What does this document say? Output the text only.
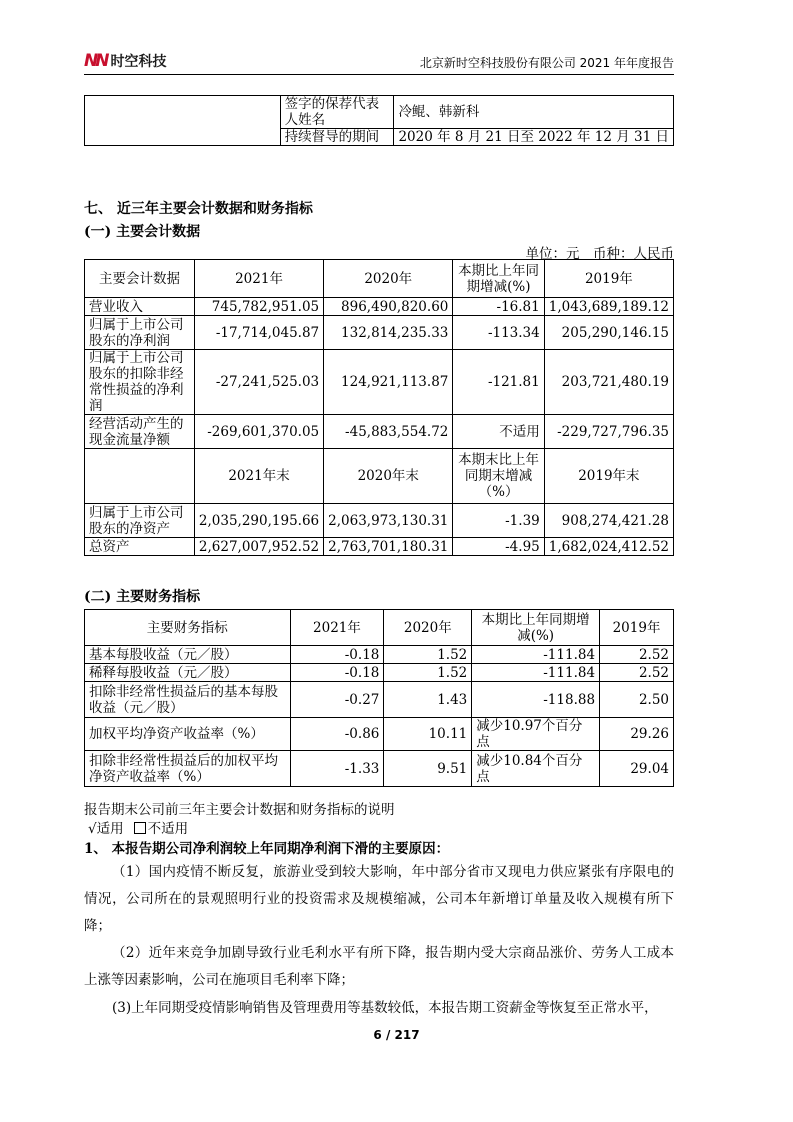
NN 时空科技	北京新时空科技股份有限公司 2021 年年度报告
	签字的保荐代表人姓名	冷鲲、韩新科
	持续督导的期间	2020 年 8 月 21 日至 2022 年 12 月 31 日
七、 近三年主要会计数据和财务指标
(一) 主要会计数据
单位：元　币种：人民币
主要会计数据	2021年	2020年	本期比上年同期增减(%)	2019年
营业收入	745,782,951.05	896,490,820.60	-16.81	1,043,689,189.12
归属于上市公司股东的净利润	-17,714,045.87	132,814,235.33	-113.34	205,290,146.15
归属于上市公司股东的扣除非经常性损益的净利润	-27,241,525.03	124,921,113.87	-121.81	203,721,480.19
经营活动产生的现金流量净额	-269,601,370.05	-45,883,554.72	不适用	-229,727,796.35
	2021年末	2020年末	本期末比上年同期末增减（%）	2019年末
归属于上市公司股东的净资产	2,035,290,195.66	2,063,973,130.31	-1.39	908,274,421.28
总资产	2,627,007,952.52	2,763,701,180.31	-4.95	1,682,024,412.52
(二) 主要财务指标
主要财务指标	2021年	2020年	本期比上年同期增减(%)	2019年
基本每股收益（元／股）	-0.18	1.52	-111.84	2.52
稀释每股收益（元／股）	-0.18	1.52	-111.84	2.52
扣除非经常性损益后的基本每股收益（元／股）	-0.27	1.43	-118.88	2.50
加权平均净资产收益率（%）	-0.86	10.11	减少10.97个百分点	29.26
扣除非经常性损益后的加权平均净资产收益率（%）	-1.33	9.51	减少10.84个百分点	29.04
报告期末公司前三年主要会计数据和财务指标的说明
√适用 不适用
1、 本报告期公司净利润较上年同期净利润下滑的主要原因：
（1）国内疫情不断反复，旅游业受到较大影响，年中部分省市又现电力供应紧张有序限电的情况，公司所在的景观照明行业的投资需求及规模缩减，公司本年新增订单量及收入规模有所下降；
（2）近年来竞争加剧导致行业毛利水平有所下降，报告期内受大宗商品涨价、劳务人工成本上涨等因素影响，公司在施项目毛利率下降；
(3)上年同期受疫情影响销售及管理费用等基数较低，本报告期工资薪金等恢复至正常水平，
6 / 217
